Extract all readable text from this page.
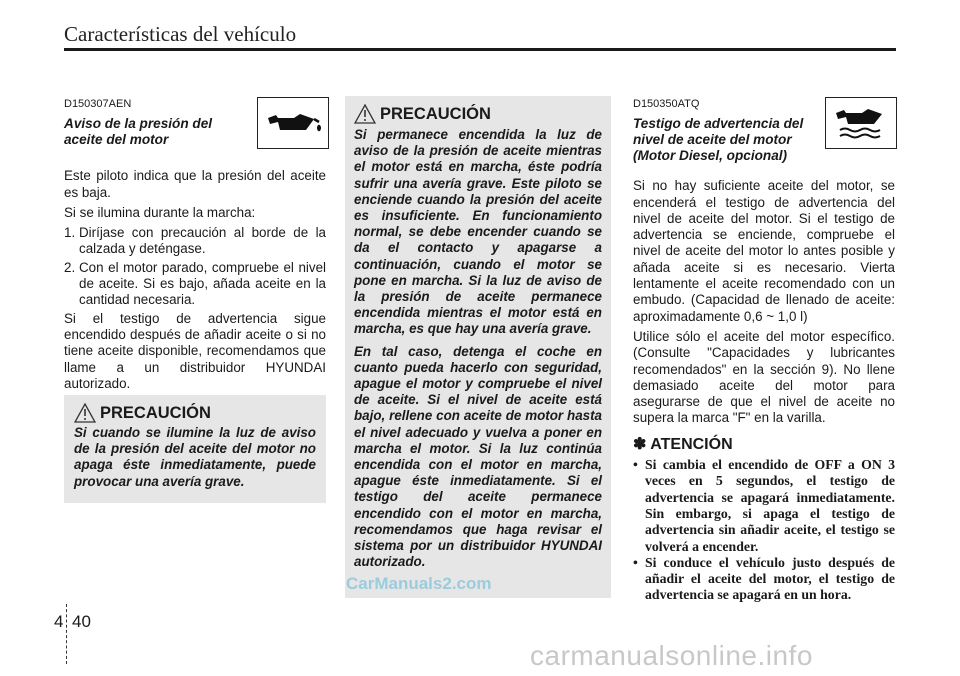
Características del vehículo
D150307AEN
Aviso de la presión del aceite del motor

Este piloto indica que la presión del aceite es baja.

Si se ilumina durante la marcha:

1. Diríjase con precaución al borde de la calzada y deténgase.
2. Con el motor parado, compruebe el nivel de aceite. Si es bajo, añada aceite en la cantidad necesaria.

Si el testigo de advertencia sigue encendido después de añadir aceite o si no tiene aceite disponible, recomendamos que llame a un distribuidor HYUNDAI autorizado.

PRECAUCIÓN
Si cuando se ilumine la luz de aviso de la presión del aceite del motor no apaga éste inmediatamente, puede provocar una avería grave.
PRECAUCIÓN

Si permanece encendida la luz de aviso de la presión de aceite mientras el motor está en marcha, éste podría sufrir una avería grave. Este piloto se enciende cuando la presión del aceite es insuficiente. En funcionamiento normal, se debe encender cuando se da el contacto y apagarse a continuación, cuando el motor se pone en marcha. Si la luz de aviso de la presión de aceite permanece encendida mientras el motor está en marcha, es que hay una avería grave.

En tal caso, detenga el coche en cuanto pueda hacerlo con seguridad, apague el motor y compruebe el nivel de aceite. Si el nivel de aceite está bajo, rellene con aceite de motor hasta el nivel adecuado y vuelva a poner en marcha el motor. Si la luz continúa encendida con el motor en marcha, apague éste inmediatamente. Si el testigo del aceite permanece encendido con el motor en marcha, recomendamos que haga revisar el sistema por un distribuidor HYUNDAI autorizado.

D150350ATQ
Testigo de advertencia del nivel de aceite del motor (Motor Diesel, opcional)

Si no hay suficiente aceite del motor, se encenderá el testigo de advertencia del nivel de aceite del motor. Si el testigo de advertencia se enciende, compruebe el nivel de aceite del motor lo antes posible y añada aceite si es necesario. Vierta lentamente el aceite recomendado con un embudo. (Capacidad de llenado de aceite: aproximadamente 0,6 ~ 1,0 l)

Utilice sólo el aceite del motor específico. (Consulte "Capacidades y lubricantes recomendados" en la sección 9). No llene demasiado aceite del motor para asegurarse de que el nivel de aceite no supera la marca "F" en la varilla.

✽ ATENCIÓN
• Si cambia el encendido de OFF a ON 3 veces en 5 segundos, el testigo de advertencia se apagará inmediatamente. Sin embargo, si apaga el testigo de advertencia sin añadir aceite, el testigo se volverá a encender.
• Si conduce el vehículo justo después de añadir el aceite del motor, el testigo de advertencia se apagará en un hora.
CarManuals2.com
4 40
carmanualsonline.info
